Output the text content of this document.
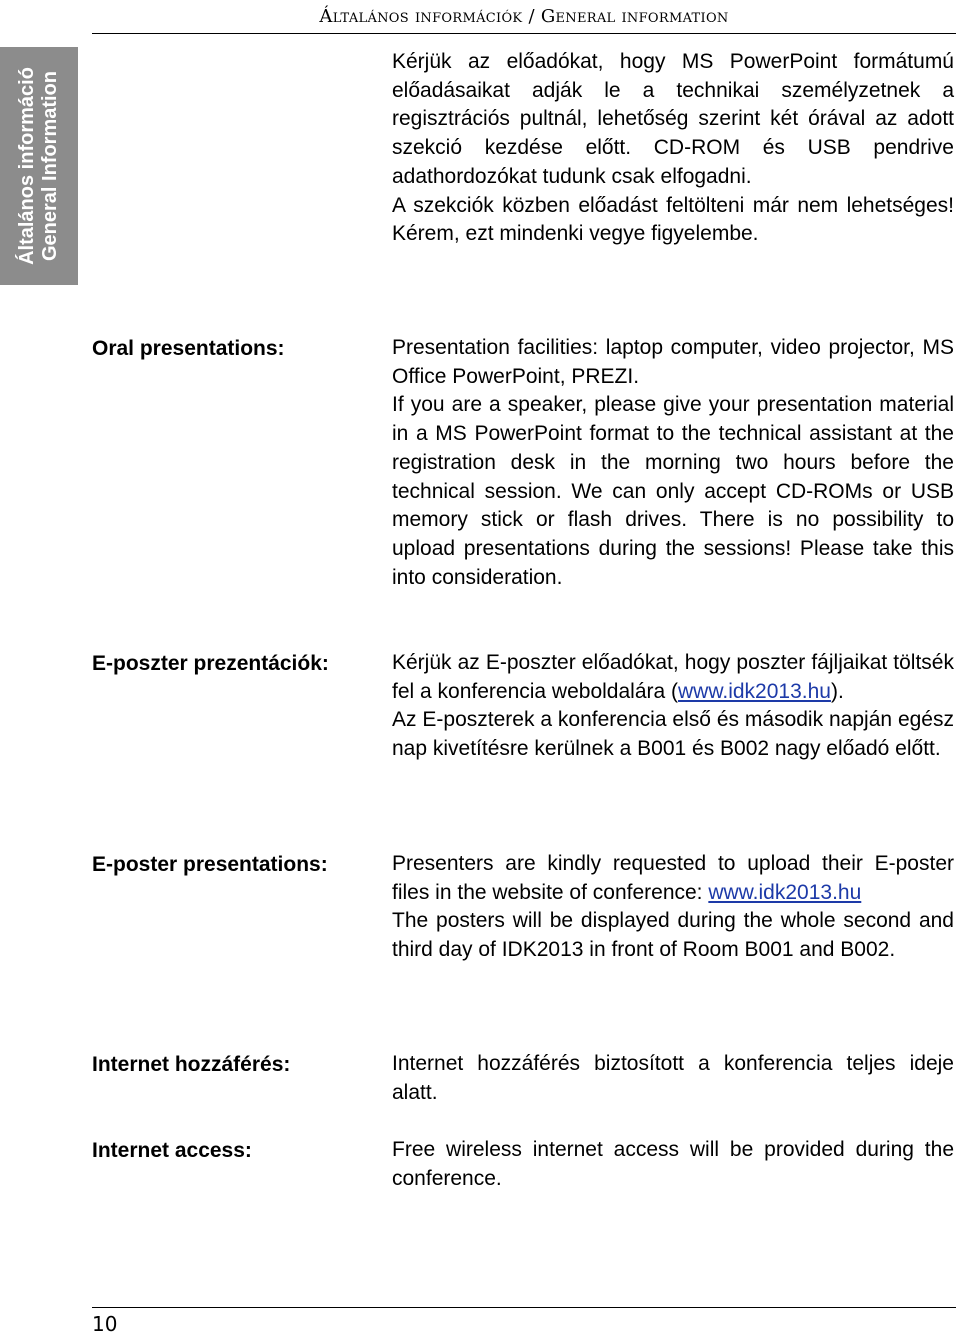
Általános információk / General information
Általános információ General Information

Kérjük az előadókat, hogy MS PowerPoint formátumú előadásaikat adják le a technikai személyzetnek a regisztrációs pultnál, lehetőség szerint két órával az adott szekció kezdése előtt. CD-ROM és USB pendrive adathordozókat tudunk csak elfogadni.

A szekciók közben előadást feltölteni már nem lehetséges! Kérem, ezt mindenki vegye figyelembe.

Oral presentations:	Presentation facilities: laptop computer, video projector, MS Office PowerPoint, PREZI.

If you are a speaker, please give your presentation material in a MS PowerPoint format to the technical assistant at the registration desk in the morning two hours before the technical session. We can only accept CD-ROMs or USB memory stick or flash drives. There is no possibility to upload presentations during the sessions! Please take this into consideration.

E-poszter prezentációk:	Kérjük az E-poszter előadókat, hogy poszter fájljaikat töltsék fel a konferencia weboldalára (www.idk2013.hu).

Az E-poszterek a konferencia első és második napján egész nap kivetítésre kerülnek a B001 és B002 nagy előadó előtt.

E-poster presentations:	Presenters are kindly requested to upload their E-poster files in the website of conference: www.idk2013.hu

The posters will be displayed during the whole second and third day of IDK2013 in front of Room B001 and B002.

Internet hozzáférés:	Internet hozzáférés biztosított a konferencia teljes ideje alatt.
Internet access:	Free wireless internet access will be provided during the conference.
10
